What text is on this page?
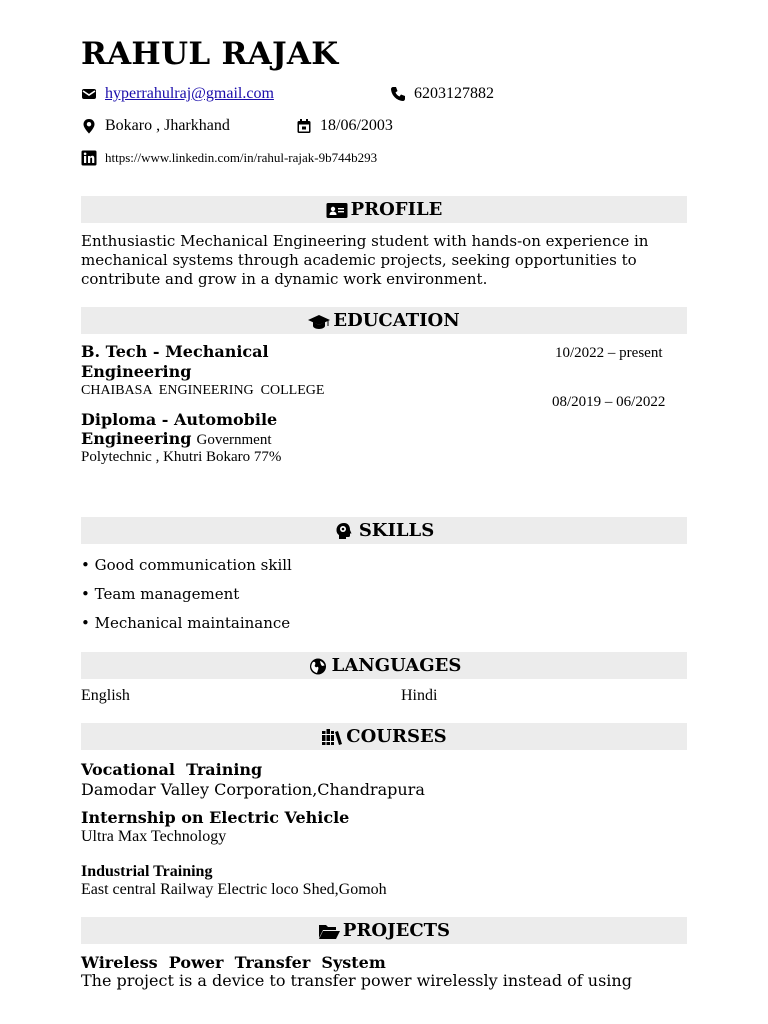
RAHUL RAJAK
hyperrahulraj@gmail.com	6203127882
Bokaro , Jharkhand	18/06/2003
https://www.linkedin.com/in/rahul-rajak-9b744b293
PROFILE
Enthusiastic Mechanical Engineering student with hands-on experience in mechanical systems through academic projects, seeking opportunities to contribute and grow in a dynamic work environment.
EDUCATION
B. Tech - Mechanical
Engineering
CHAIBASA  ENGINEERING  COLLEGE
10/2022 – present
Diploma - Automobile
Engineering Government
Polytechnic , Khutri Bokaro 77%
08/2019 – 06/2022
SKILLS
• Good communication skill
• Team management
• Mechanical maintainance
LANGUAGES
English	Hindi
COURSES
Vocational  Training
Damodar Valley Corporation,Chandrapura
Internship on Electric Vehicle
Ultra Max Technology
Industrial Training
East central Railway Electric loco Shed,Gomoh
PROJECTS
Wireless  Power  Transfer  System
The project is a device to transfer power wirelessly instead of using
